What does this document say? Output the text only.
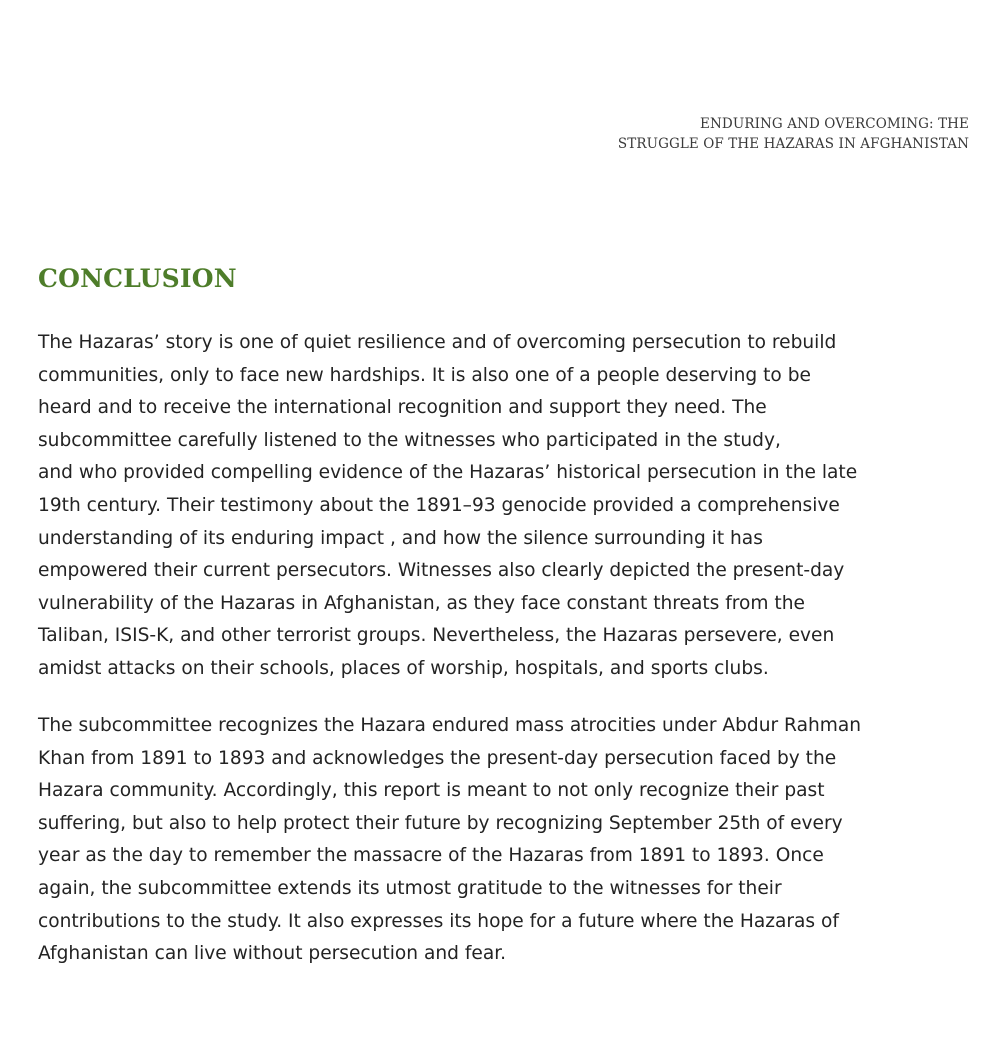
ENDURING AND OVERCOMING: THE
STRUGGLE OF THE HAZARAS IN AFGHANISTAN
CONCLUSION
The Hazaras’ story is one of quiet resilience and of overcoming persecution to rebuild
communities, only to face new hardships. It is also one of a people deserving to be
heard and to receive the international recognition and support they need. The
subcommittee carefully listened to the witnesses who participated in the study,
and who provided compelling evidence of the Hazaras’ historical persecution in the late
19th century. Their testimony about the 1891–93 genocide provided a comprehensive
understanding of its enduring impact , and how the silence surrounding it has
empowered their current persecutors. Witnesses also clearly depicted the present-day
vulnerability of the Hazaras in Afghanistan, as they face constant threats from the
Taliban, ISIS-K, and other terrorist groups. Nevertheless, the Hazaras persevere, even
amidst attacks on their schools, places of worship, hospitals, and sports clubs.
The subcommittee recognizes the Hazara endured mass atrocities under Abdur Rahman
Khan from 1891 to 1893 and acknowledges the present-day persecution faced by the
Hazara community. Accordingly, this report is meant to not only recognize their past
suffering, but also to help protect their future by recognizing September 25th of every
year as the day to remember the massacre of the Hazaras from 1891 to 1893. Once
again, the subcommittee extends its utmost gratitude to the witnesses for their
contributions to the study. It also expresses its hope for a future where the Hazaras of
Afghanistan can live without persecution and fear.
